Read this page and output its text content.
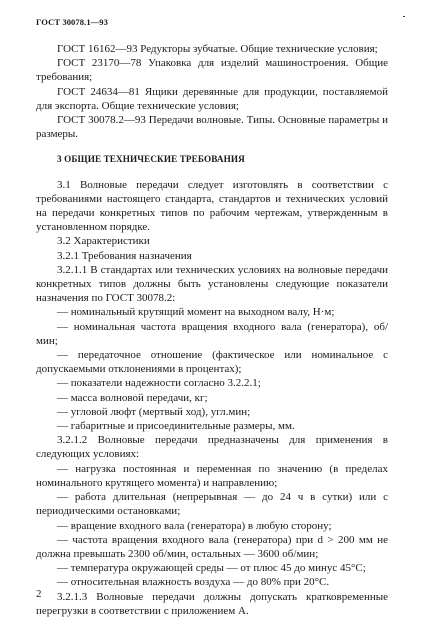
ГОСТ 30078.1—93

ГОСТ 16162—93 Редукторы зубчатые. Общие технические условия;

ГОСТ 23170—78 Упаковка для изделий машиностроения. Общие требования;

ГОСТ 24634—81 Ящики деревянные для продукции, поставляемой для экспорта. Общие технические условия;

ГОСТ 30078.2—93 Передачи волновые. Типы. Основные параметры и размеры.

3 ОБЩИЕ ТЕХНИЧЕСКИЕ ТРЕБОВАНИЯ

3.1 Волновые передачи следует изготовлять в соответствии с требованиями настоящего стандарта, стандартов и технических условий на передачи конкретных типов по рабочим чертежам, утвержденным в установленном порядке.

3.2 Характеристики

3.2.1 Требования назначения

3.2.1.1 В стандартах или технических условиях на волновые передачи конкретных типов должны быть установлены следующие показатели назначения по ГОСТ 30078.2:

— номинальный крутящий момент на выходном валу, Н·м;

— номинальная частота вращения входного вала (генератора), об/мин;

— передаточное отношение (фактическое или номинальное с допускаемыми отклонениями в процентах);

— показатели надежности согласно 3.2.2.1;

— масса волновой передачи, кг;

— угловой люфт (мертвый ход), угл.мин;

— габаритные и присоединительные размеры, мм.

3.2.1.2 Волновые передачи предназначены для применения в следующих условиях:

— нагрузка постоянная и переменная по значению (в пределах номинального крутящего момента) и направлению;

— работа длительная (непрерывная — до 24 ч в сутки) или с периодическими остановками;

— вращение входного вала (генератора) в любую сторону;

— частота вращения входного вала (генератора) при d > 200 мм не должна превышать 2300 об/мин, остальных — 3600 об/мин;

— температура окружающей среды — от плюс 45 до минус 45°С;

— относительная влажность воздуха — до 80% при 20°С.

3.2.1.3 Волновые передачи должны допускать кратковременные перегрузки в соответствии с приложением А.

2
